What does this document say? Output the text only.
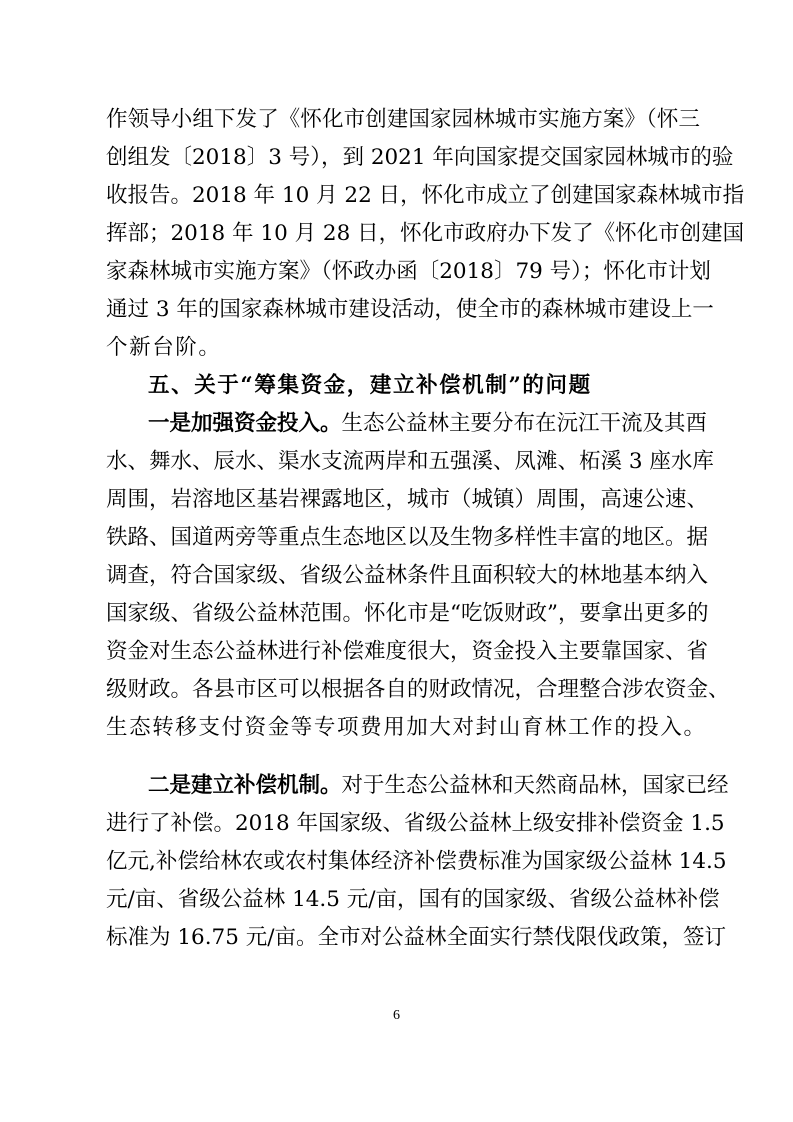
作领导小组下发了《怀化市创建国家园林城市实施方案》（怀三
创组发〔2018〕3 号），到 2021 年向国家提交国家园林城市的验
收报告。2018 年 10 月 22 日，怀化市成立了创建国家森林城市指
挥部；2018 年 10 月 28 日，怀化市政府办下发了《怀化市创建国
家森林城市实施方案》（怀政办函〔2018〕79 号）；怀化市计划
通过 3 年的国家森林城市建设活动，使全市的森林城市建设上一
个新台阶。
五、关于“筹集资金，建立补偿机制”的问题
一是加强资金投入。生态公益林主要分布在沅江干流及其酉
水、舞水、辰水、渠水支流两岸和五强溪、凤滩、柘溪 3 座水库
周围，岩溶地区基岩裸露地区，城市（城镇）周围，高速公速、
铁路、国道两旁等重点生态地区以及生物多样性丰富的地区。据
调查，符合国家级、省级公益林条件且面积较大的林地基本纳入
国家级、省级公益林范围。怀化市是“吃饭财政”，要拿出更多的
资金对生态公益林进行补偿难度很大，资金投入主要靠国家、省
级财政。各县市区可以根据各自的财政情况，合理整合涉农资金、
生态转移支付资金等专项费用加大对封山育林工作的投入。
二是建立补偿机制。对于生态公益林和天然商品林，国家已经
进行了补偿。2018 年国家级、省级公益林上级安排补偿资金 1.5
亿元,补偿给林农或农村集体经济补偿费标准为国家级公益林 14.5
元/亩、省级公益林 14.5 元/亩，国有的国家级、省级公益林补偿
标准为 16.75 元/亩。全市对公益林全面实行禁伐限伐政策，签订
6
